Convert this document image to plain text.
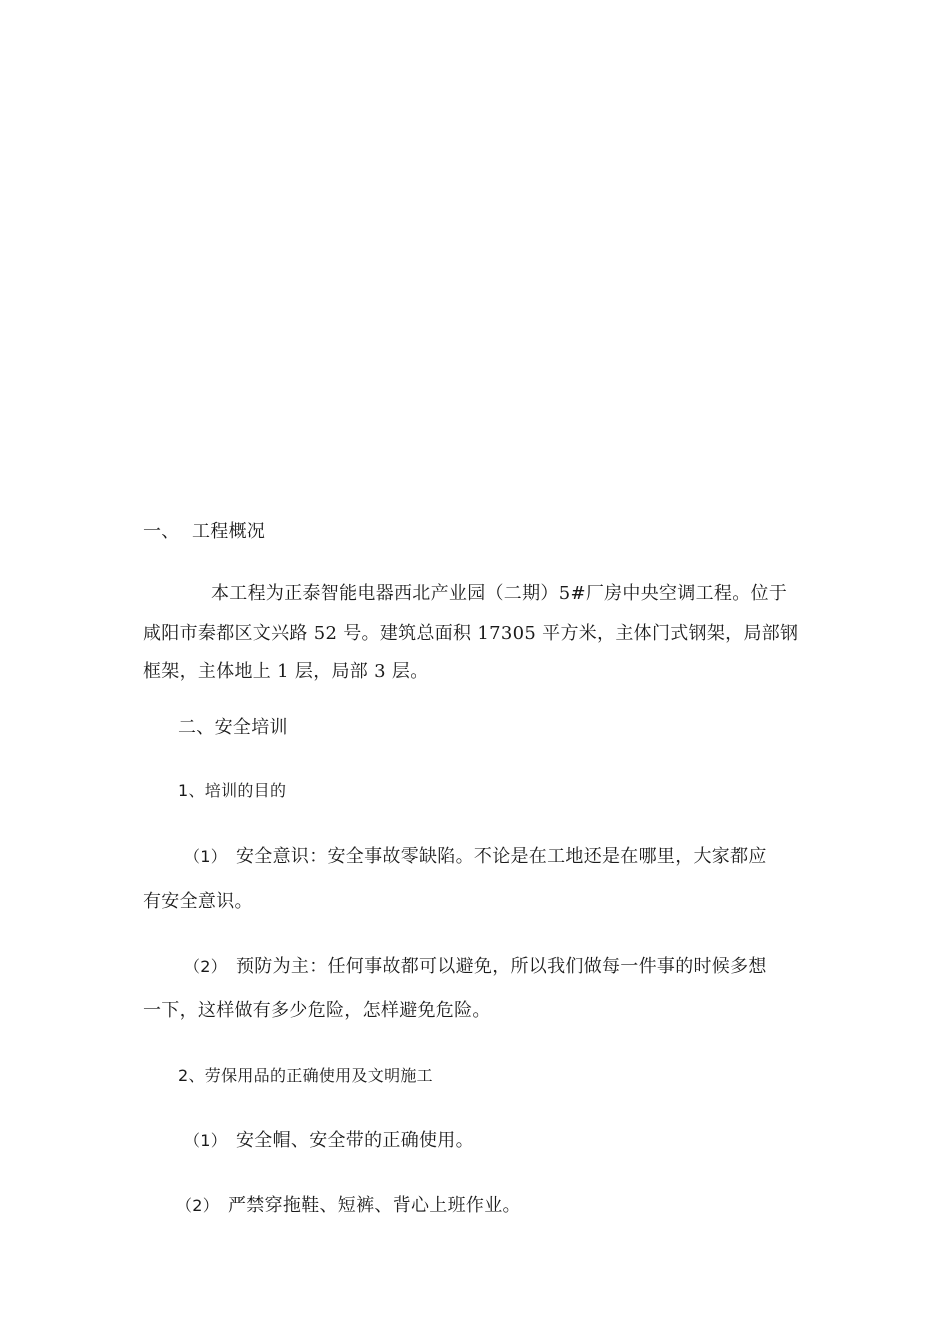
一、 工程概况
本工程为正泰智能电器西北产业园（二期）5#厂房中央空调工程。位于
咸阳市秦都区文兴路 52 号。建筑总面积 17305 平方米，主体门式钢架，局部钢
框架，主体地上 1 层，局部 3 层。
二、安全培训
1、培训的目的
（1） 安全意识：安全事故零缺陷。不论是在工地还是在哪里，大家都应
有安全意识。
（2） 预防为主：任何事故都可以避免，所以我们做每一件事的时候多想
一下，这样做有多少危险，怎样避免危险。
2、劳保用品的正确使用及文明施工
（1） 安全帽、安全带的正确使用。
（2） 严禁穿拖鞋、短裤、背心上班作业。
